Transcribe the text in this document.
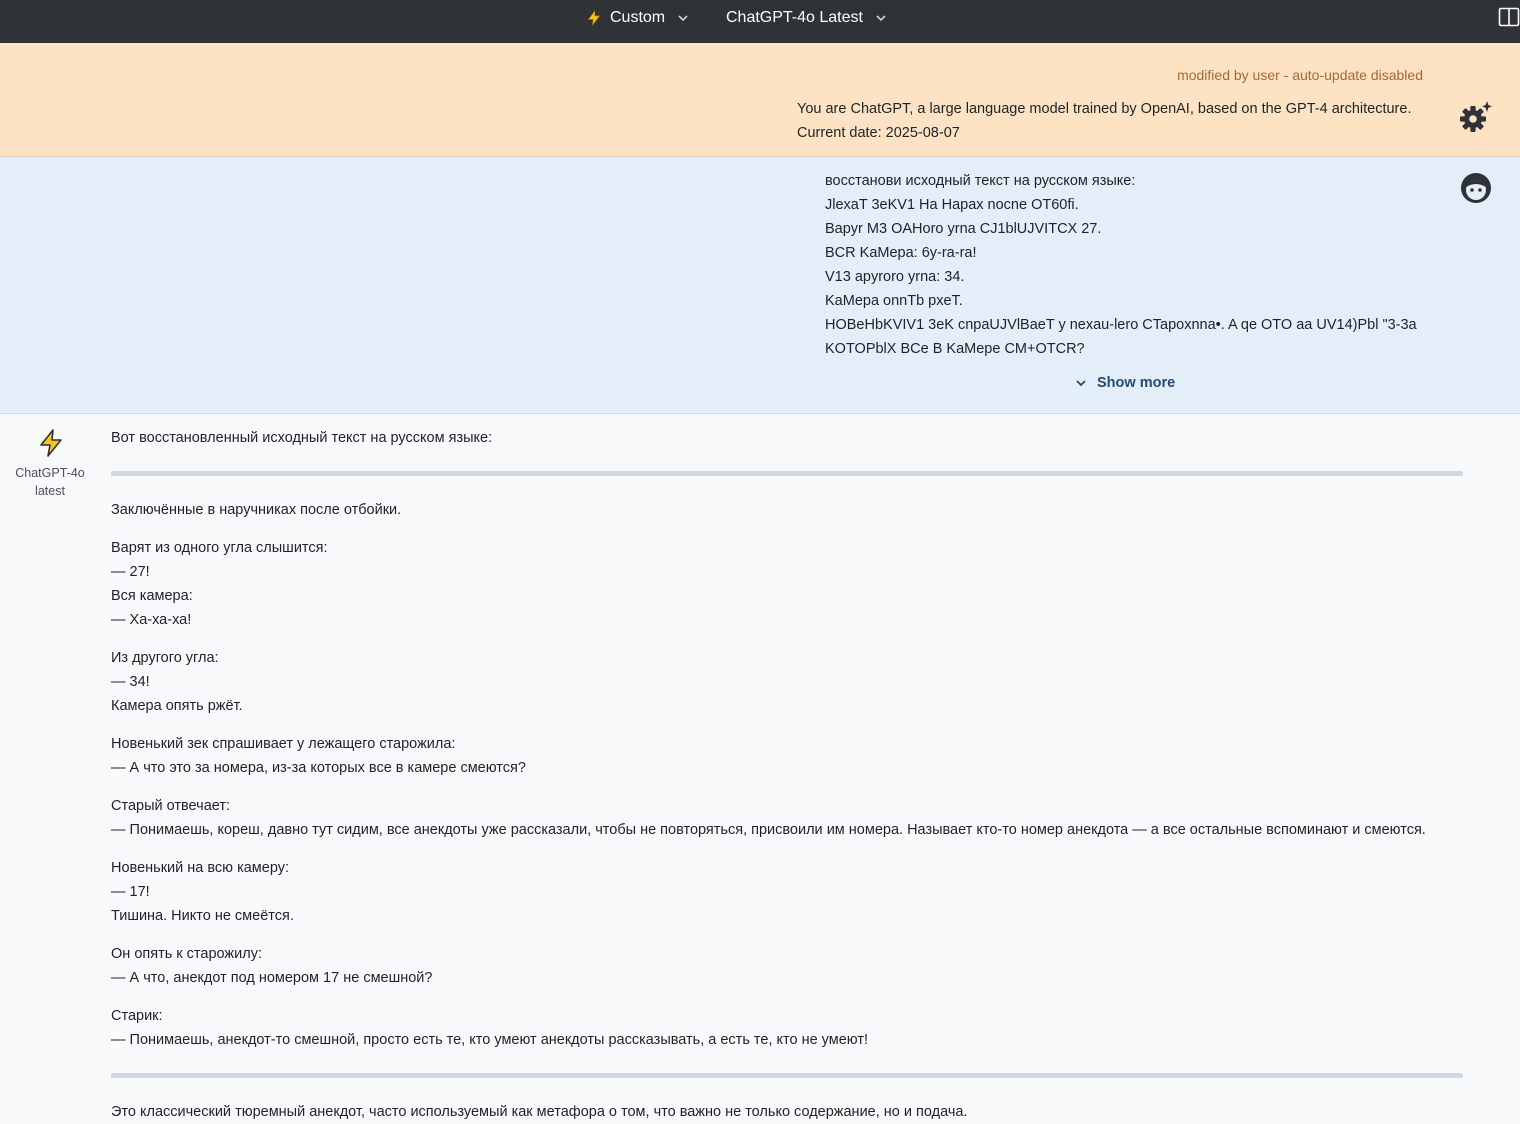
Custom	ChatGPT-4o Latest
modified by user - auto-update disabled
You are ChatGPT, a large language model trained by OpenAI, based on the GPT-4 architecture.
Current date: 2025-08-07
восстанови исходный текст на русском языке:
JlexaT 3eKV1 Ha Hapax nocne OT60fi.
Bapyr M3 OAHoro yrna CJ1blUJVITCX 27.
BCR KaMepa: 6y-ra-ra!
V13 apyroro yrna: 34.
KaMepa onnTb pxeT.
HOBeHbKVIV1 3eK cnpaUJVlBaeT y nexau-lero CTapoxnna•. A qe OTO aa UV14)Pbl "3-3a
KOTOPblX BCe B KaMepe CM+OTCR?
Show more
ChatGPT-4o
latest

Вот восстановленный исходный текст на русском языке:

Заключённые в наручниках после отбойки.

Варят из одного угла слышится:
— 27!
Вся камера:
— Ха-ха-ха!

Из другого угла:
— 34!
Камера опять ржёт.

Новенький зек спрашивает у лежащего старожила:
— А что это за номера, из-за которых все в камере смеются?

Старый отвечает:
— Понимаешь, кореш, давно тут сидим, все анекдоты уже рассказали, чтобы не повторяться, присвоили им номера. Называет кто-то номер анекдота — а все остальные вспоминают и смеются.

Новенький на всю камеру:
— 17!
Тишина. Никто не смеётся.

Он опять к старожилу:
— А что, анекдот под номером 17 не смешной?

Старик:
— Понимаешь, анекдот-то смешной, просто есть те, кто умеют анекдоты рассказывать, а есть те, кто не умеют!

Это классический тюремный анекдот, часто используемый как метафора о том, что важно не только содержание, но и подача.
